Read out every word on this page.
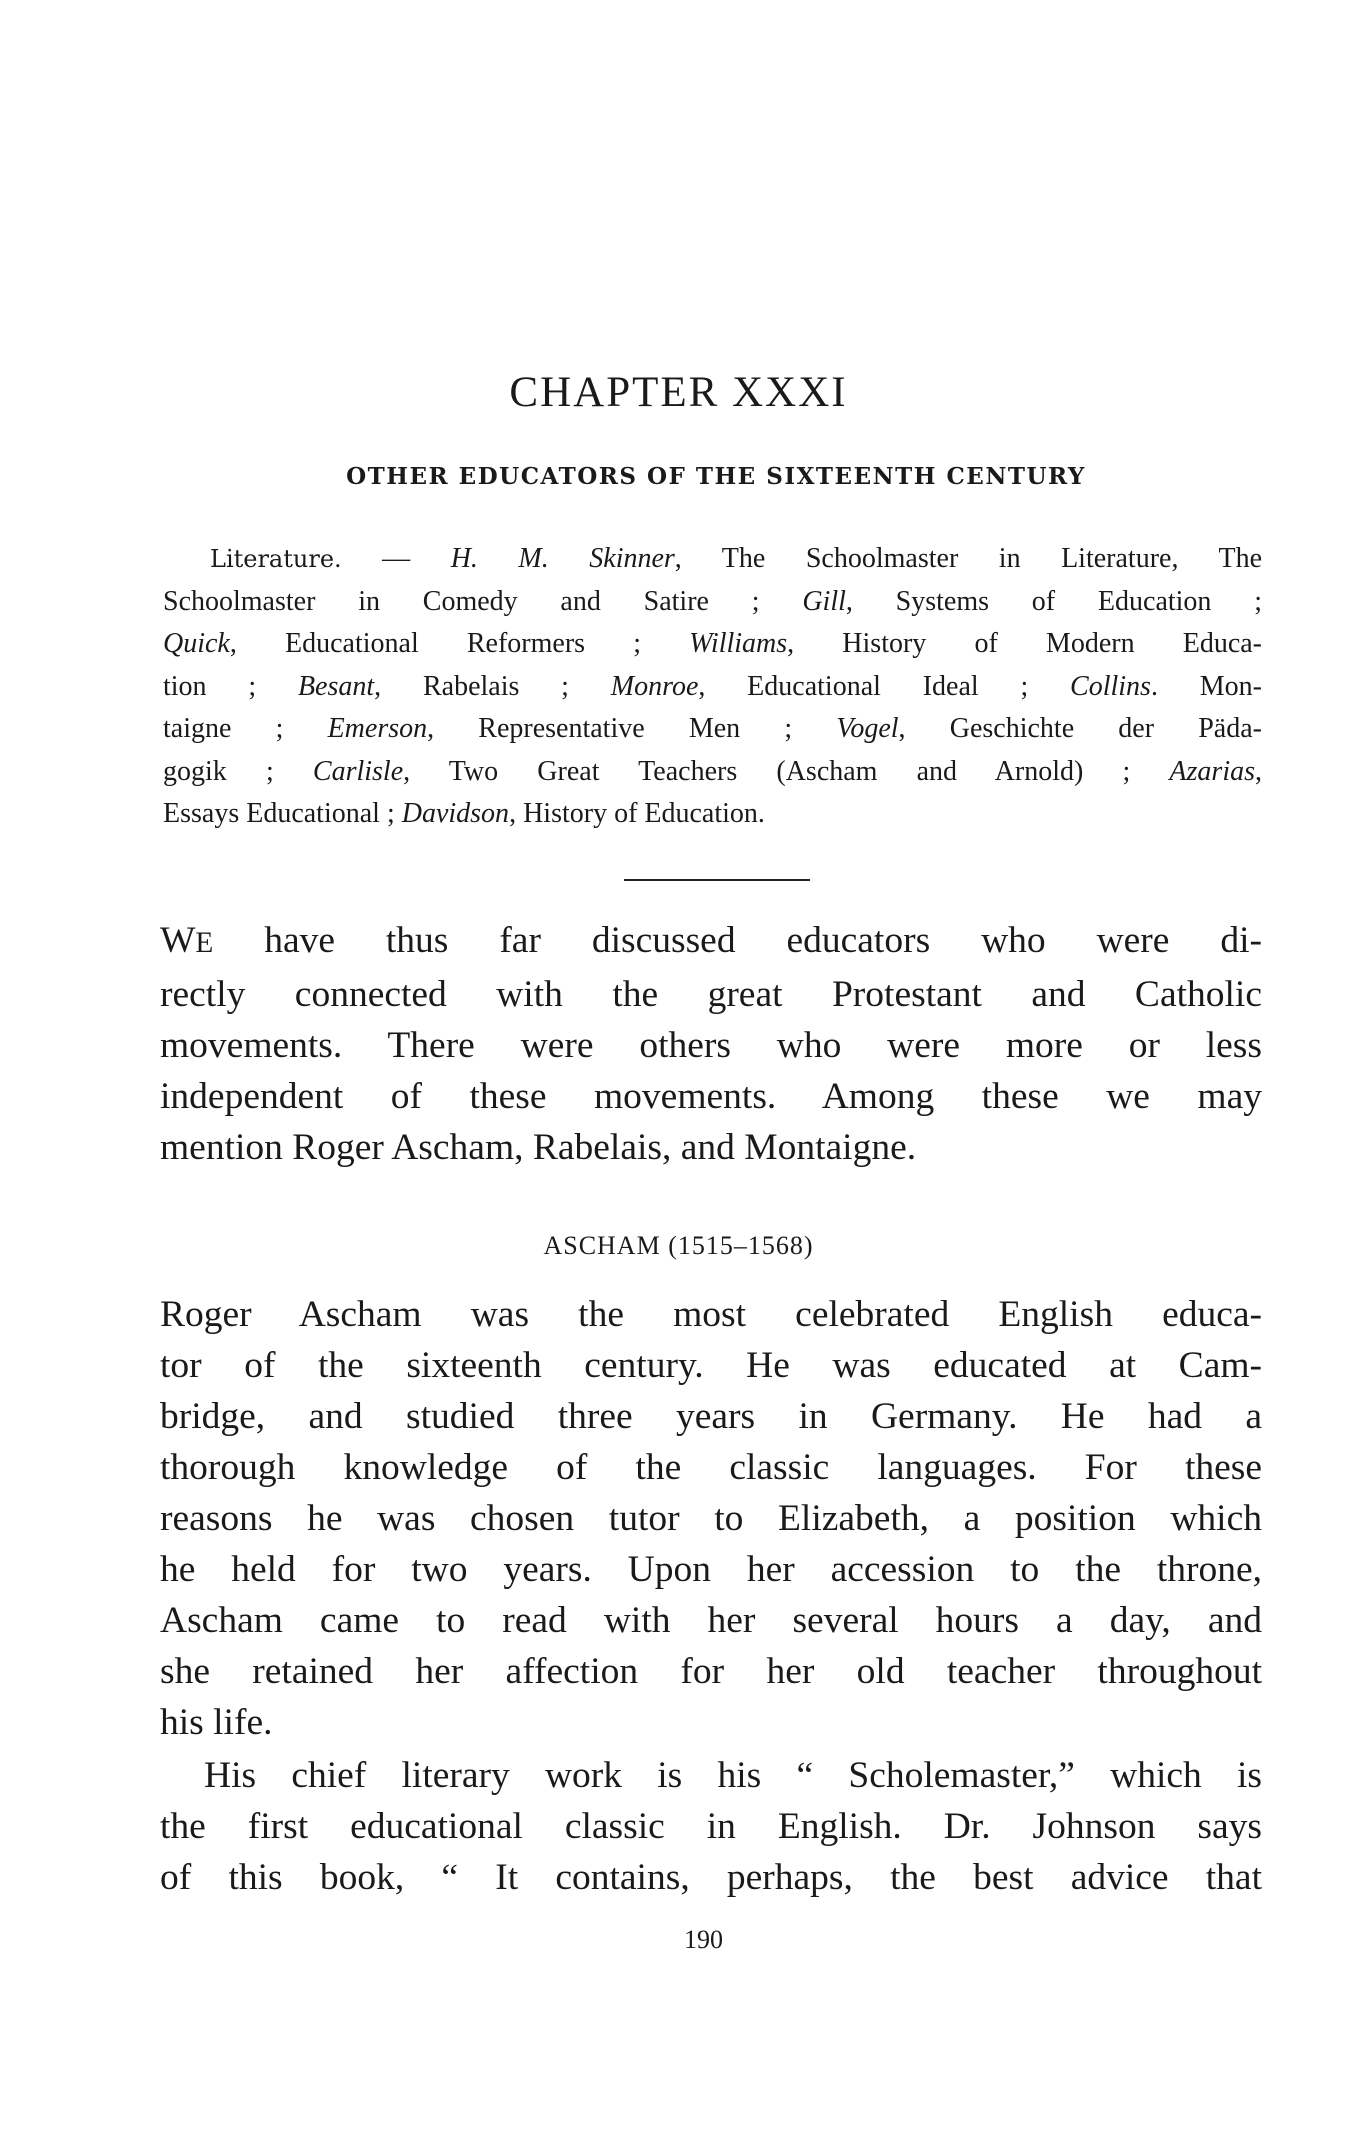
CHAPTER XXXI
OTHER EDUCATORS OF THE SIXTEENTH CENTURY
Literature. — H. M. Skinner, The Schoolmaster in Literature, The
Schoolmaster in Comedy and Satire ; Gill, Systems of Education ;
Quick, Educational Reformers ; Williams, History of Modern Educa-
tion ; Besant, Rabelais ; Monroe, Educational Ideal ; Collins. Mon-
taigne ; Emerson, Representative Men ; Vogel, Geschichte der Päda-
gogik ; Carlisle, Two Great Teachers (Ascham and Arnold) ; Azarias,
Essays Educational ; Davidson, History of Education.
WE have thus far discussed educators who were di-
rectly connected with the great Protestant and Catholic
movements. There were others who were more or less
independent of these movements. Among these we may
mention Roger Ascham, Rabelais, and Montaigne.
ASCHAM (1515–1568)
Roger Ascham was the most celebrated English educa-
tor of the sixteenth century. He was educated at Cam-
bridge, and studied three years in Germany. He had a
thorough knowledge of the classic languages. For these
reasons he was chosen tutor to Elizabeth, a position which
he held for two years. Upon her accession to the throne,
Ascham came to read with her several hours a day, and
she retained her affection for her old teacher throughout
his life.
His chief literary work is his “ Scholemaster,” which is
the first educational classic in English. Dr. Johnson says
of this book, “ It contains, perhaps, the best advice that
190
